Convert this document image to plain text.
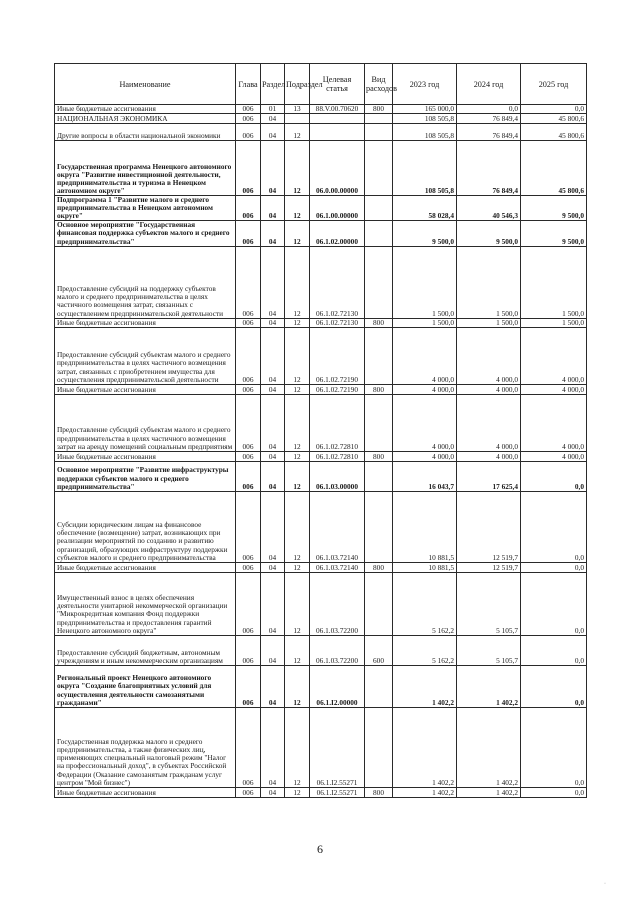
Наименование	Глава	Раздел	Подраздел	Целевая статья	Вид расходов	2023 год	2024 год	2025 год
Иные бюджетные ассигнования	006	01	13	88.V.00.70620	800	165 000,0	0,0	0,0
НАЦИОНАЛЬНАЯ ЭКОНОМИКА	006	04				108 505,8	76 849,4	45 800,6
Другие вопросы в области национальной экономики	006	04	12			108 505,8	76 849,4	45 800,6
Государственная программа Ненецкого автономного округа "Развитие инвестиционной деятельности, предпринимательства и туризма в Ненецком автономном округе"	006	04	12	06.0.00.00000		108 505,8	76 849,4	45 800,6
Подпрограмма 1 "Развитие малого и среднего предпринимательства в Ненецком автономном округе"	006	04	12	06.1.00.00000		58 028,4	40 546,3	9 500,0
Основное мероприятие "Государственная финансовая поддержка субъектов малого и среднего предпринимательства"	006	04	12	06.1.02.00000		9 500,0	9 500,0	9 500,0
Предоставление субсидий на поддержку субъектов малого и среднего предпринимательства в целях частичного возмещения затрат, связанных с осуществлением предпринимательской деятельности	006	04	12	06.1.02.72130		1 500,0	1 500,0	1 500,0
Иные бюджетные ассигнования	006	04	12	06.1.02.72130	800	1 500,0	1 500,0	1 500,0
Предоставление субсидий субъектам малого и среднего предпринимательства в целях частичного возмещения затрат, связанных с приобретением имущества для осуществления предпринимательской деятельности	006	04	12	06.1.02.72190		4 000,0	4 000,0	4 000,0
Иные бюджетные ассигнования	006	04	12	06.1.02.72190	800	4 000,0	4 000,0	4 000,0
Предоставление субсидий субъектам малого и среднего предпринимательства в целях частичного возмещения затрат на аренду помещений социальным предприятиям	006	04	12	06.1.02.72810		4 000,0	4 000,0	4 000,0
Иные бюджетные ассигнования	006	04	12	06.1.02.72810	800	4 000,0	4 000,0	4 000,0
Основное мероприятие "Развитие инфраструктуры поддержки субъектов малого и среднего предпринимательства"	006	04	12	06.1.03.00000		16 043,7	17 625,4	0,0
Субсидии юридическим лицам на финансовое обеспечение (возмещение) затрат, возникающих при реализации мероприятий по созданию и развитию организаций, образующих инфраструктуру поддержки субъектов малого и среднего предпринимательства	006	04	12	06.1.03.72140		10 881,5	12 519,7	0,0
Иные бюджетные ассигнования	006	04	12	06.1.03.72140	800	10 881,5	12 519,7	0,0
Имущественный взнос в целях обеспечения деятельности унитарной некоммерческой организации "Микрокредитная компания Фонд поддержки предпринимательства и предоставления гарантий Ненецкого автономного округа"	006	04	12	06.1.03.72200		5 162,2	5 105,7	0,0
Предоставление субсидий бюджетным, автономным учреждениям и иным некоммерческим организациям	006	04	12	06.1.03.72200	600	5 162,2	5 105,7	0,0
Региональный проект Ненецкого автономного округа "Создание благоприятных условий для осуществления деятельности самозанятыми гражданами"	006	04	12	06.1.I2.00000		1 402,2	1 402,2	0,0
Государственная поддержка малого и среднего предпринимательства, а также физических лиц, применяющих специальный налоговый режим "Налог на профессиональный доход", в субъектах Российской Федерации (Оказание самозанятым гражданам услуг центром "Мой бизнес")	006	04	12	06.1.I2.55271		1 402,2	1 402,2	0,0
Иные бюджетные ассигнования	006	04	12	06.1.I2.55271	800	1 402,2	1 402,2	0,0
6
·
